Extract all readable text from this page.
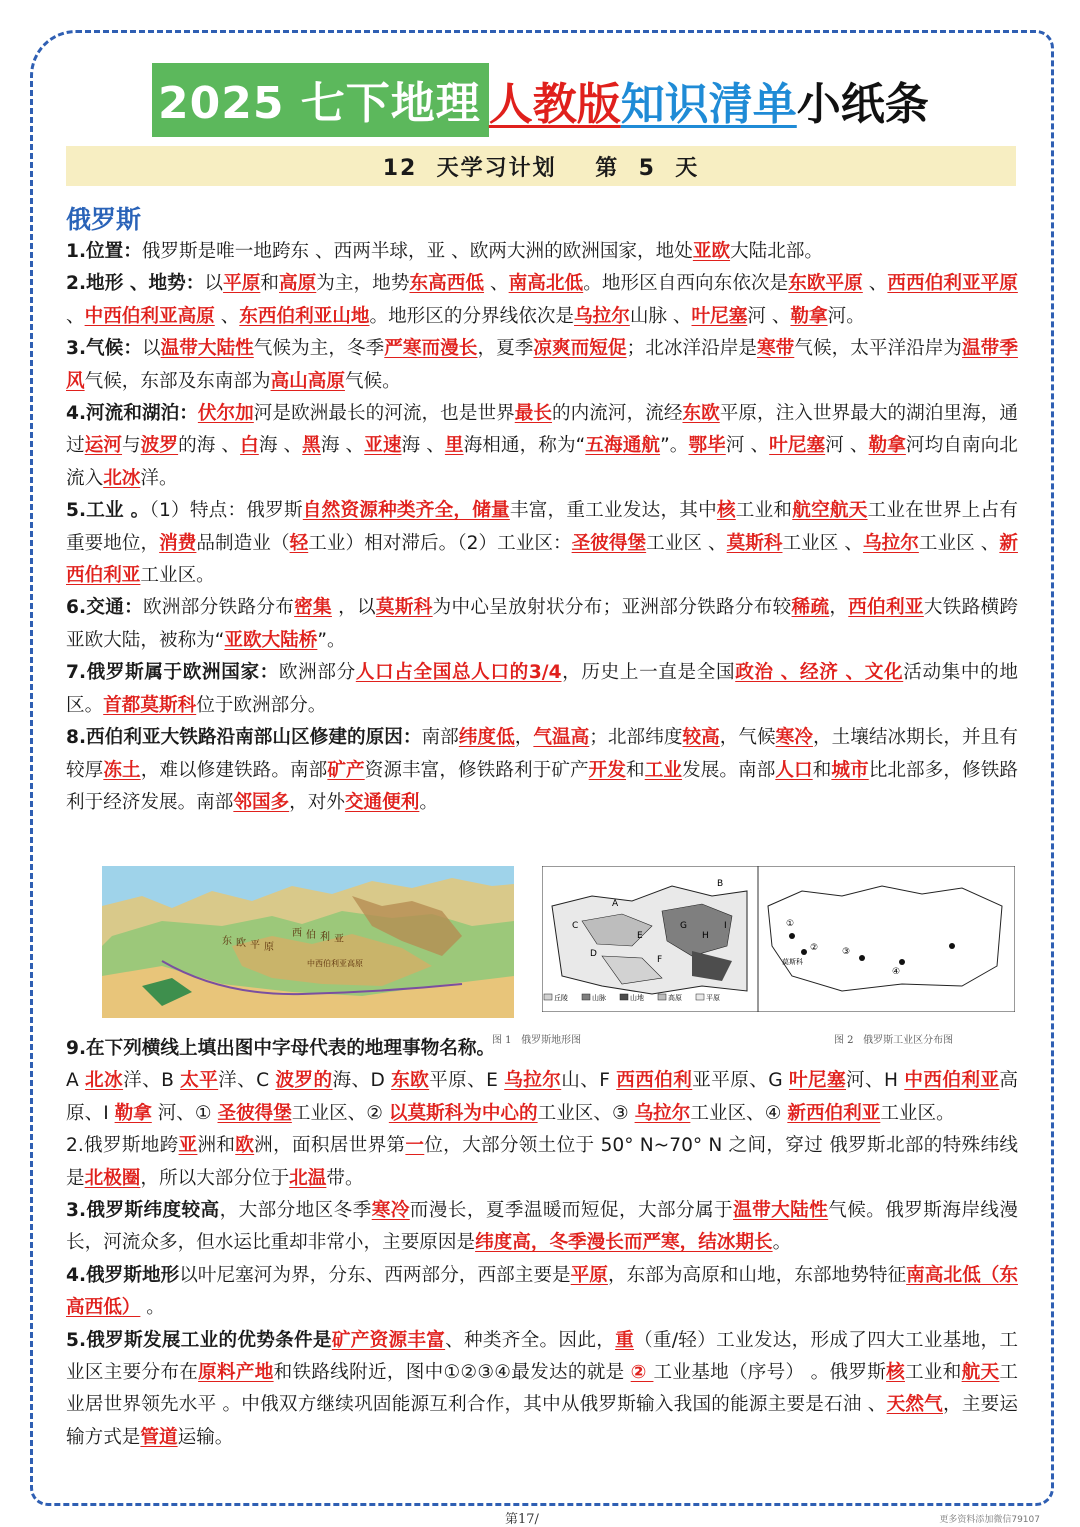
2025 七下地理 人教版 知识清单 小纸条
12  天学习计划    第  5  天
俄罗斯

1.位置：俄罗斯是唯一地跨东 、西两半球，亚 、欧两大洲的欧洲国家，地处亚欧大陆北部。

2.地形 、地势：以平原和高原为主，地势东高西低 、南高北低。地形区自西向东依次是东欧平原 、西西伯利亚平原 、中西伯利亚高原 、东西伯利亚山地。地形区的分界线依次是乌拉尔山脉 、叶尼塞河 、勒拿河。

3.气候：以温带大陆性气候为主，冬季严寒而漫长，夏季凉爽而短促；北冰洋沿岸是寒带气候，太平洋沿岸为温带季风气候，东部及东南部为高山高原气候。

4.河流和湖泊：伏尔加河是欧洲最长的河流，也是世界最长的内流河，流经东欧平原，注入世界最大的湖泊里海，通过运河与波罗的海 、白海 、黑海 、亚速海 、里海相通，称为“五海通航”。鄂毕河 、叶尼塞河 、勒拿河均自南向北流入北冰洋。

5.工业 。（1）特点：俄罗斯自然资源种类齐全，储量丰富，重工业发达，其中核工业和航空航天工业在世界上占有重要地位，消费品制造业（轻工业）相对滞后。（2）工业区：圣彼得堡工业区 、莫斯科工业区 、乌拉尔工业区 、新西伯利亚工业区。

6.交通：欧洲部分铁路分布密集 ，以莫斯科为中心呈放射状分布；亚洲部分铁路分布较稀疏，西伯利亚大铁路横跨亚欧大陆，被称为“亚欧大陆桥”。

7.俄罗斯属于欧洲国家：欧洲部分人口占全国总人口的3/4，历史上一直是全国政治 、经济 、文化活动集中的地区。首都莫斯科位于欧洲部分。

8.西伯利亚大铁路沿南部山区修建的原因：南部纬度低，气温高；北部纬度较高，气候寒冷，土壤结冰期长，并且有较厚冻土，难以修建铁路。南部矿产资源丰富，修铁路利于矿产开发和工业发展。南部人口和城市比北部多，修铁路利于经济发展。南部邻国多，对外交通便利。

东 欧 平 原
西 伯 利 亚
中西伯利亚高原
A
B
C
D
E
F
G
H
I	①
②	③
④
莫斯科
丘陵	山脉	山地	高原	平原
图 1   俄罗斯地形图	图 2   俄罗斯工业区分布图

9.在下列横线上填出图中字母代表的地理事物名称。

A 北冰洋、B 太平洋、C 波罗的海、D 东欧平原、E 乌拉尔山、F 西西伯利亚平原、G 叶尼塞河、H 中西伯利亚高原、I 勒拿 河、① 圣彼得堡工业区、② 以莫斯科为中心的工业区、③ 乌拉尔工业区、④ 新西伯利亚工业区。

2.俄罗斯地跨亚洲和欧洲，面积居世界第一位，大部分领土位于 50° N~70° N 之间，穿过 俄罗斯北部的特殊纬线是北极圈，所以大部分位于北温带。

3.俄罗斯纬度较高，大部分地区冬季寒冷而漫长，夏季温暖而短促，大部分属于温带大陆性气候。俄罗斯海岸线漫长，河流众多，但水运比重却非常小，主要原因是纬度高，冬季漫长而严寒，结冰期长。

4.俄罗斯地形以叶尼塞河为界，分东、西两部分，西部主要是平原，东部为高原和山地，东部地势特征南高北低（东高西低） 。

5.俄罗斯发展工业的优势条件是矿产资源丰富、种类齐全。因此，重（重/轻）工业发达，形成了四大工业基地，工业区主要分布在原料产地和铁路线附近，图中①②③④最发达的就是 ② 工业基地（序号） 。俄罗斯核工业和航天工业居世界领先水平 。中俄双方继续巩固能源互利合作，其中从俄罗斯输入我国的能源主要是石油 、天然气，主要运输方式是管道运输。

第17/	更多资料添加微信79107
